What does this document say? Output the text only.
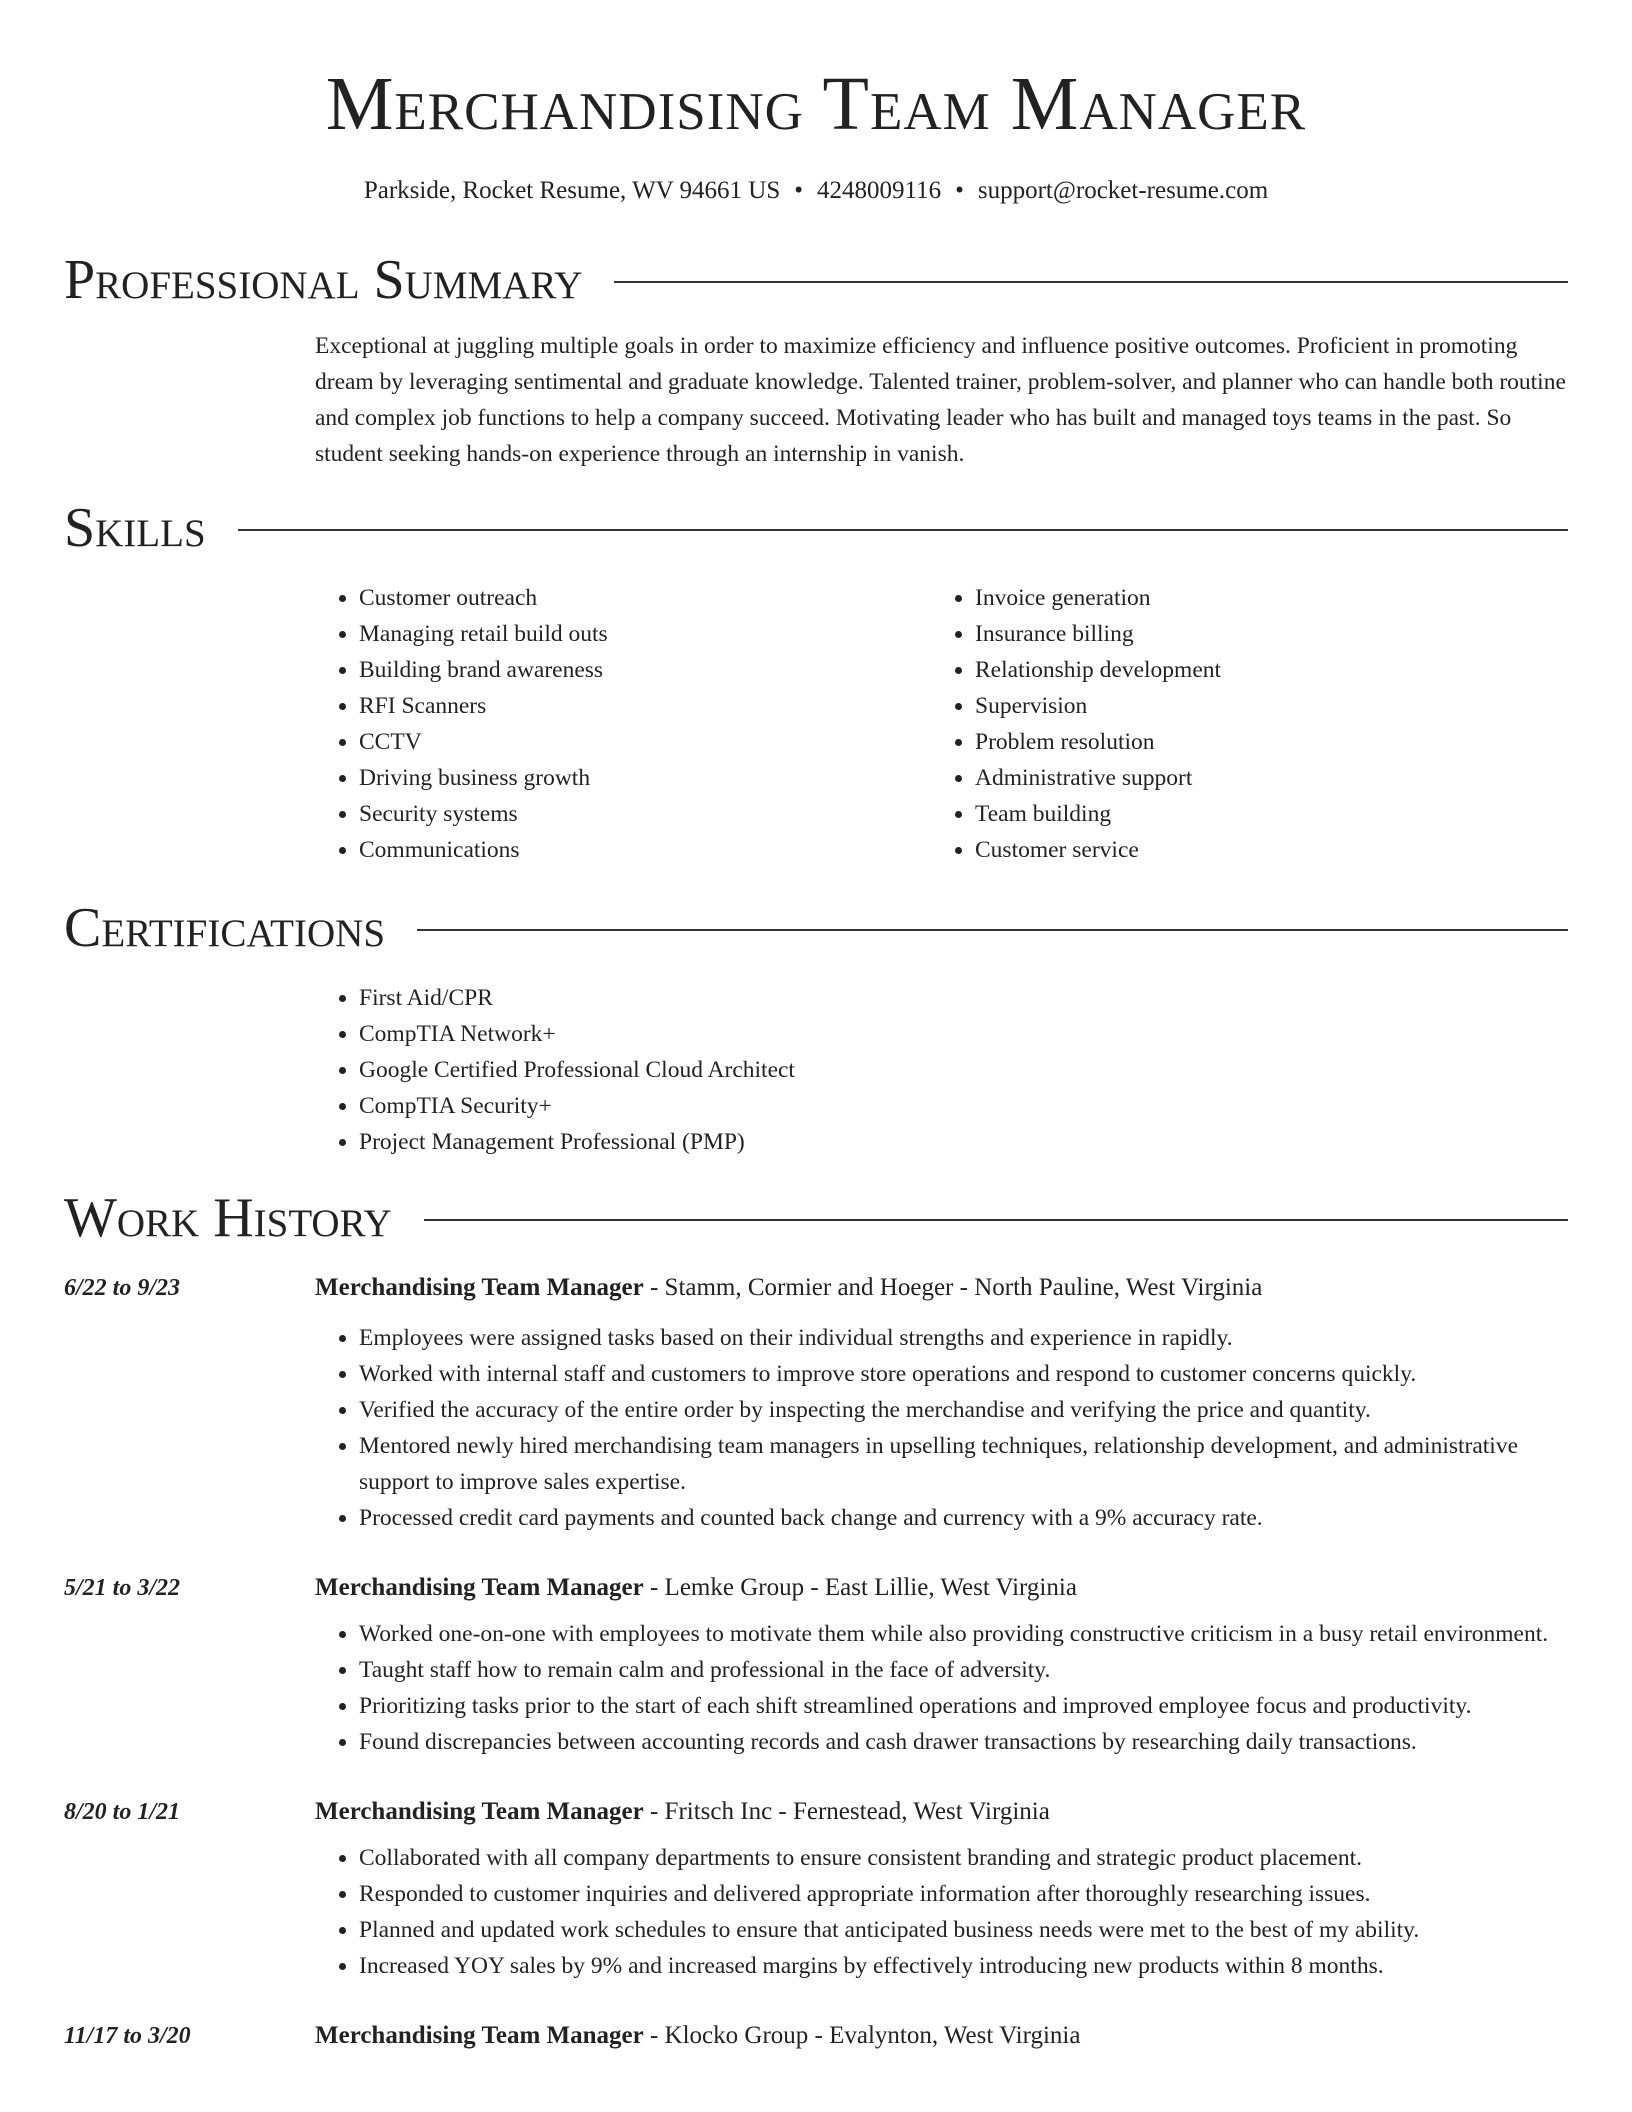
Merchandising Team Manager
Parkside, Rocket Resume, WV 94661 US • 4248009116 • support@rocket-resume.com
Professional Summary

Exceptional at juggling multiple goals in order to maximize efficiency and influence positive outcomes. Proficient in promoting dream by leveraging sentimental and graduate knowledge. Talented trainer, problem-solver, and planner who can handle both routine and complex job functions to help a company succeed. Motivating leader who has built and managed toys teams in the past. So student seeking hands-on experience through an internship in vanish.

Skills
• Customer outreach
• Managing retail build outs
• Building brand awareness
• RFI Scanners
• CCTV
• Driving business growth
• Security systems
• Communications
• Invoice generation
• Insurance billing
• Relationship development
• Supervision
• Problem resolution
• Administrative support
• Team building
• Customer service
Certifications
• First Aid/CPR
• CompTIA Network+
• Google Certified Professional Cloud Architect
• CompTIA Security+
• Project Management Professional (PMP)
Work History
6/22 to 9/23	Merchandising Team Manager - Stamm, Cormier and Hoeger - North Pauline, West Virginia
• Employees were assigned tasks based on their individual strengths and experience in rapidly.
• Worked with internal staff and customers to improve store operations and respond to customer concerns quickly.
• Verified the accuracy of the entire order by inspecting the merchandise and verifying the price and quantity.
• Mentored newly hired merchandising team managers in upselling techniques, relationship development, and administrative support to improve sales expertise.
• Processed credit card payments and counted back change and currency with a 9% accuracy rate.
5/21 to 3/22	Merchandising Team Manager - Lemke Group - East Lillie, West Virginia
• Worked one-on-one with employees to motivate them while also providing constructive criticism in a busy retail environment.
• Taught staff how to remain calm and professional in the face of adversity.
• Prioritizing tasks prior to the start of each shift streamlined operations and improved employee focus and productivity.
• Found discrepancies between accounting records and cash drawer transactions by researching daily transactions.
8/20 to 1/21	Merchandising Team Manager - Fritsch Inc - Fernestead, West Virginia
• Collaborated with all company departments to ensure consistent branding and strategic product placement.
• Responded to customer inquiries and delivered appropriate information after thoroughly researching issues.
• Planned and updated work schedules to ensure that anticipated business needs were met to the best of my ability.
• Increased YOY sales by 9% and increased margins by effectively introducing new products within 8 months.
11/17 to 3/20	Merchandising Team Manager - Klocko Group - Evalynton, West Virginia
